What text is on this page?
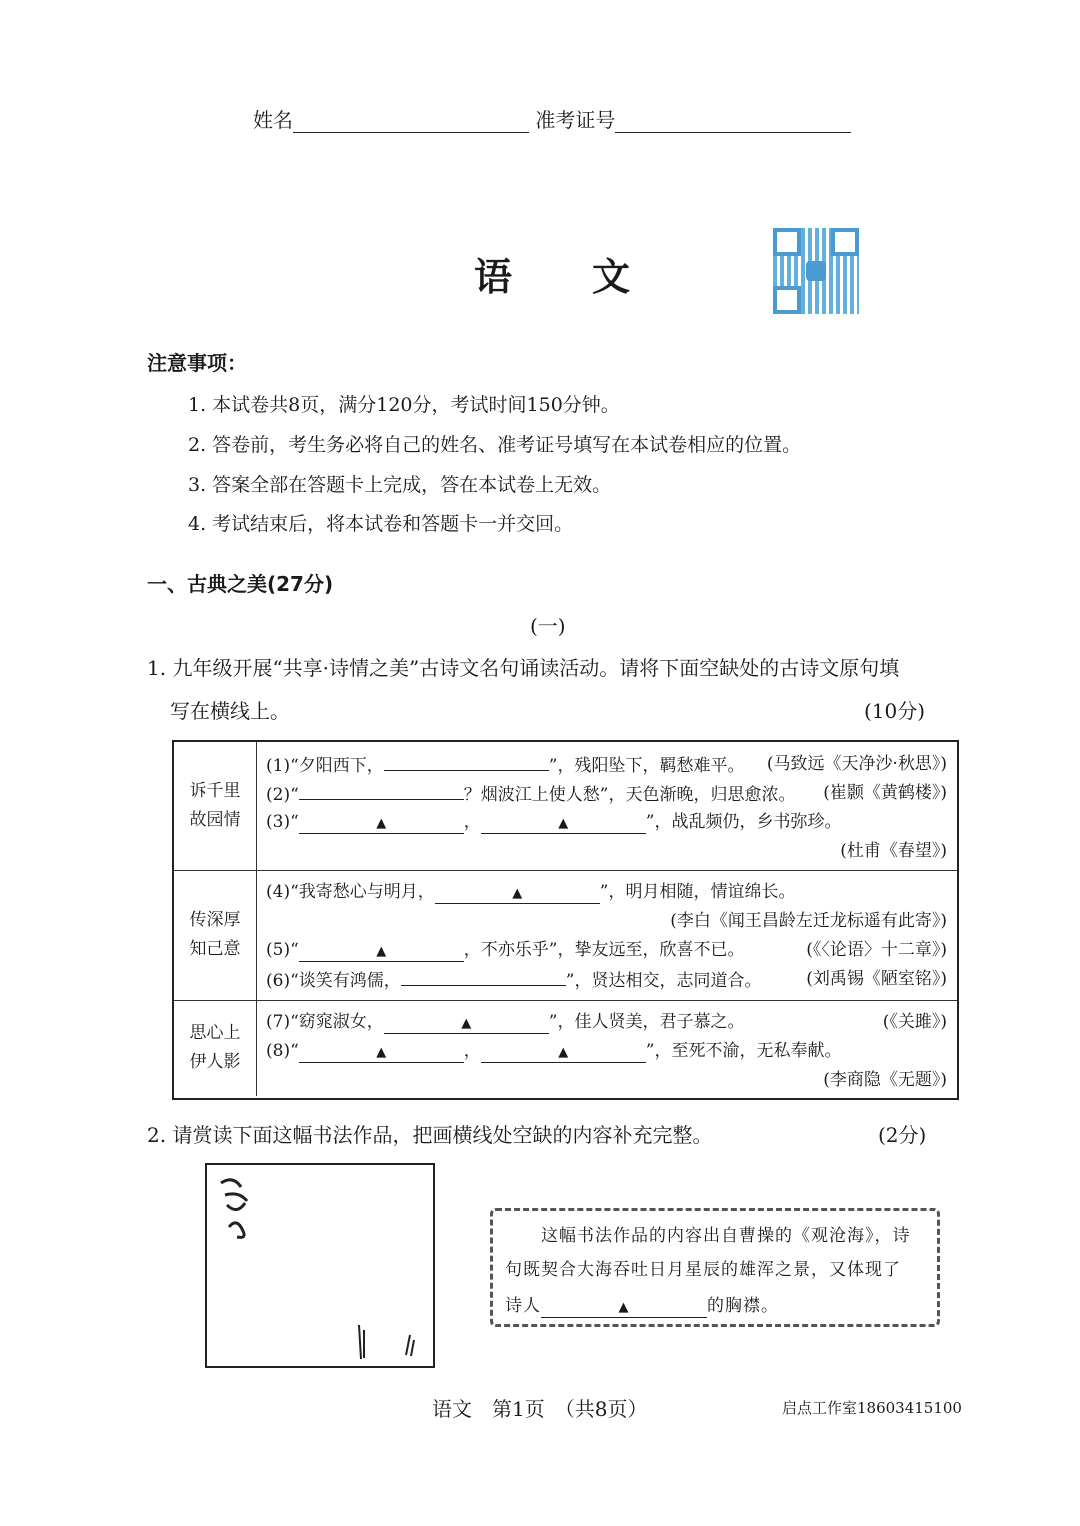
姓名	准考证号
语文
注意事项：
1. 本试卷共8页，满分120分，考试时间150分钟。
2. 答卷前，考生务必将自己的姓名、准考证号填写在本试卷相应的位置。
3. 答案全部在答题卡上完成，答在本试卷上无效。
4. 考试结束后，将本试卷和答题卡一并交回。
一、古典之美(27分)
(一)
1. 九年级开展“共享·诗情之美”古诗文名句诵读活动。请将下面空缺处的古诗文原句填
写在横线上。	(10分)
诉千里
故园情
(1)“夕阳西下，	”，残阳坠下，羁愁难平。 (马致远《天净沙·秋思》)
(2)“	？烟波江上使人愁”，天色渐晚，归思愈浓。 (崔颢《黄鹤楼》)
(3)“	▲	，	▲	”，战乱频仍，乡书弥珍。
(杜甫《春望》)
传深厚
知己意
(4)“我寄愁心与明月，	▲	”，明月相随，情谊绵长。
(李白《闻王昌龄左迁龙标遥有此寄》)
(5)“	▲	，不亦乐乎”，挚友远至，欣喜不已。	(《〈论语〉十二章》)
(6)“谈笑有鸿儒，	”，贤达相交，志同道合。	(刘禹锡《陋室铭》)
思心上
伊人影
(7)“窈窕淑女，	▲	”，佳人贤美，君子慕之。	(《关雎》)
(8)“	▲	，	▲	”，至死不渝，无私奉献。
(李商隐《无题》)
2. 请赏读下面这幅书法作品，把画横线处空缺的内容补充完整。	(2分)
这幅书法作品的内容出自曹操的《观沧海》，诗
句既契合大海吞吐日月星辰的雄浑之景，又体现了
诗人	▲	的胸襟。
语文　第1页　（共8页）	启点工作室18603415100
